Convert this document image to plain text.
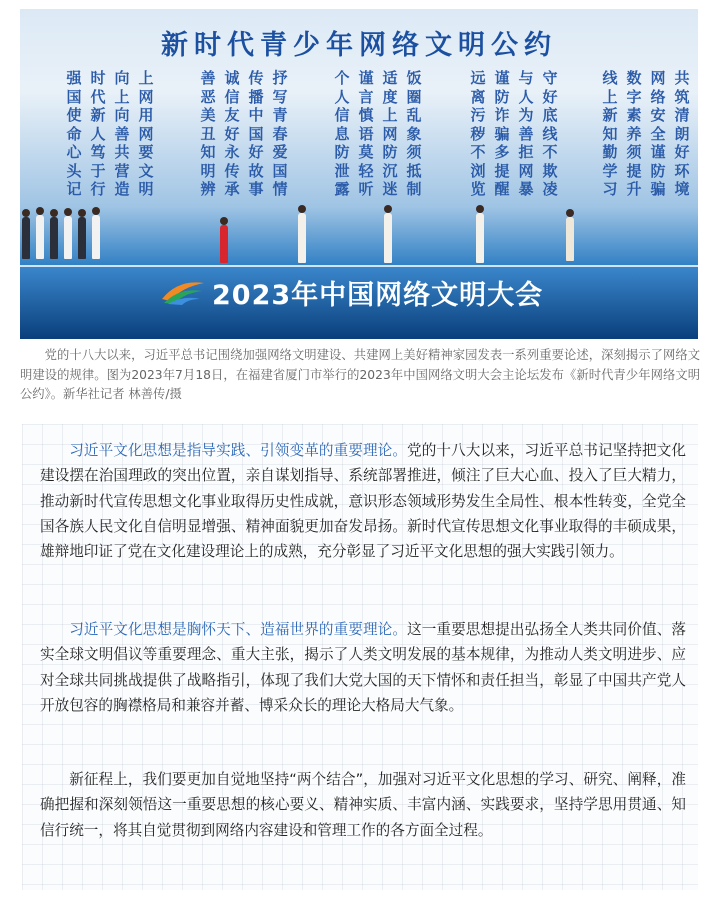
新时代青少年网络文明公约
共筑清朗好环境
网络安全谨防骗
数字素养须提升
线上新知勤学习
守好底线不欺凌
与人为善拒网暴
谨防诈骗多提醒
远离污秽不浏览
饭圈乱象须抵制
适度上网防沉迷
谨言慎语莫轻听
个人信息防泄露
抒写青春爱国情
传播中国好故事
诚信友好永传承
善恶美丑知明辨
上网用网要文明
向上向善共营造
时代新人笃于行
强国使命心头记
2023年中国网络文明大会
党的十八大以来，习近平总书记围绕加强网络文明建设、共建网上美好精神家园发表一系列重要论述，深刻揭示了网络文明建设的规律。图为2023年7月18日，在福建省厦门市举行的2023年中国网络文明大会主论坛发布《新时代青少年网络文明公约》。新华社记者 林善传/摄
习近平文化思想是指导实践、引领变革的重要理论。党的十八大以来，习近平总书记坚持把文化建设摆在治国理政的突出位置，亲自谋划指导、系统部署推进，倾注了巨大心血、投入了巨大精力，推动新时代宣传思想文化事业取得历史性成就，意识形态领域形势发生全局性、根本性转变，全党全国各族人民文化自信明显增强、精神面貌更加奋发昂扬。新时代宣传思想文化事业取得的丰硕成果，雄辩地印证了党在文化建设理论上的成熟，充分彰显了习近平文化思想的强大实践引领力。
习近平文化思想是胸怀天下、造福世界的重要理论。这一重要思想提出弘扬全人类共同价值、落实全球文明倡议等重要理念、重大主张，揭示了人类文明发展的基本规律，为推动人类文明进步、应对全球共同挑战提供了战略指引，体现了我们大党大国的天下情怀和责任担当，彰显了中国共产党人开放包容的胸襟格局和兼容并蓄、博采众长的理论大格局大气象。
新征程上，我们要更加自觉地坚持“两个结合”，加强对习近平文化思想的学习、研究、阐释，准确把握和深刻领悟这一重要思想的核心要义、精神实质、丰富内涵、实践要求，坚持学思用贯通、知信行统一，将其自觉贯彻到网络内容建设和管理工作的各方面全过程。
